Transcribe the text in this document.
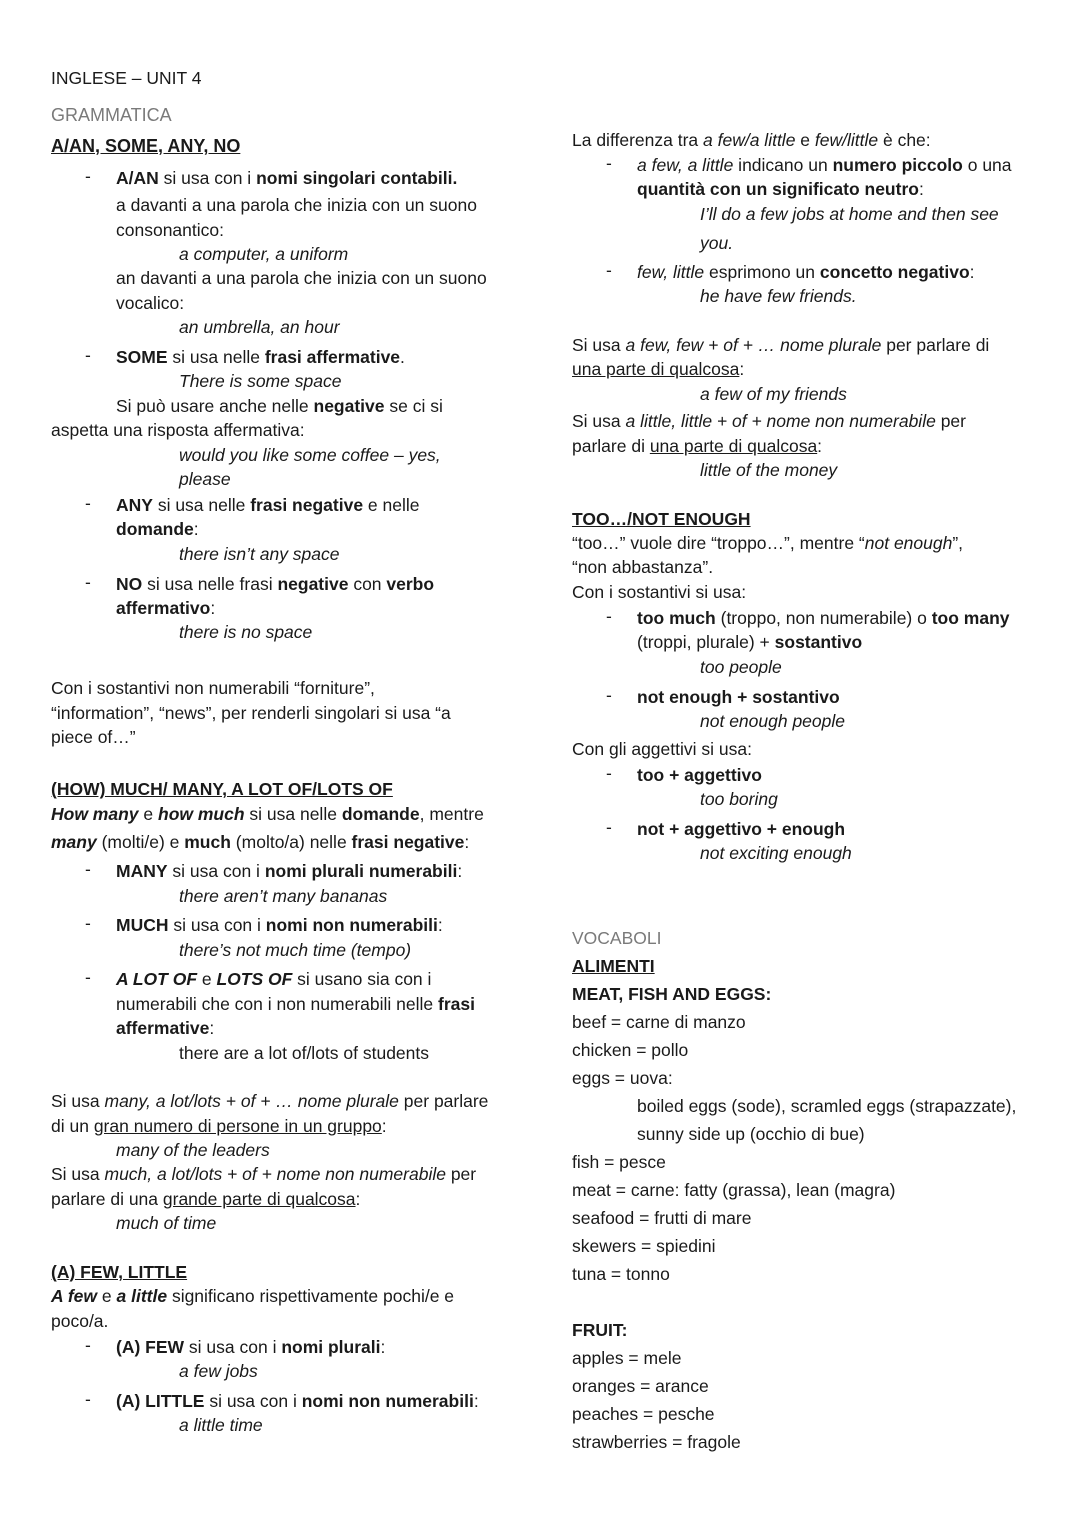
INGLESE – UNIT 4
GRAMMATICA
A/AN, SOME, ANY, NO
- A/AN si usa con i nomi singolari contabili.
a davanti a una parola che inizia con un suono
consonantico:
a computer, a uniform
an davanti a una parola che inizia con un suono
vocalico:
an umbrella, an hour
- SOME si usa nelle frasi affermative.
There is some space
Si può usare anche nelle negative se ci si
aspetta una risposta affermativa:
would you like some coffee – yes,
please
- ANY si usa nelle frasi negative e nelle
domande:
there isn’t any space
- NO si usa nelle frasi negative con verbo
affermativo:
there is no space
Con i sostantivi non numerabili “forniture”,
“information”, “news”, per renderli singolari si usa “a
piece of…”
(HOW) MUCH/ MANY, A LOT OF/LOTS OF
How many e how much si usa nelle domande, mentre
many (molti/e) e much (molto/a) nelle frasi negative:
- MANY si usa con i nomi plurali numerabili:
there aren’t many bananas
- MUCH si usa con i nomi non numerabili:
there’s not much time (tempo)
- A LOT OF e LOTS OF si usano sia con i
numerabili che con i non numerabili nelle frasi
affermative:
there are a lot of/lots of students
Si usa many, a lot/lots + of + … nome plurale per parlare
di un gran numero di persone in un gruppo:
many of the leaders
Si usa much, a lot/lots + of + nome non numerabile per
parlare di una grande parte di qualcosa:
much of time
(A) FEW, LITTLE
A few e a little significano rispettivamente pochi/e e
poco/a.
- (A) FEW si usa con i nomi plurali:
a few jobs
- (A) LITTLE si usa con i nomi non numerabili:
a little time
La differenza tra a few/a little e few/little è che:
- a few, a little indicano un numero piccolo o una
quantità con un significato neutro:
I’ll do a few jobs at home and then see
you.
- few, little esprimono un concetto negativo:
he have few friends.
Si usa a few, few + of + … nome plurale per parlare di
una parte di qualcosa:
a few of my friends
Si usa a little, little + of + nome non numerabile per
parlare di una parte di qualcosa:
little of the money
TOO…/NOT ENOUGH
“too…” vuole dire “troppo…”, mentre “not enough”,
“non abbastanza”.
Con i sostantivi si usa:
- too much (troppo, non numerabile) o too many
(troppi, plurale) + sostantivo
too people
- not enough + sostantivo
not enough people
Con gli aggettivi si usa:
- too + aggettivo
too boring
- not + aggettivo + enough
not exciting enough
VOCABOLI
ALIMENTI
MEAT, FISH AND EGGS:
beef = carne di manzo
chicken = pollo
eggs = uova:
boiled eggs (sode), scramled eggs (strapazzate),
sunny side up (occhio di bue)
fish = pesce
meat = carne: fatty (grassa), lean (magra)
seafood = frutti di mare
skewers = spiedini
tuna = tonno
FRUIT:
apples = mele
oranges = arance
peaches = pesche
strawberries = fragole
